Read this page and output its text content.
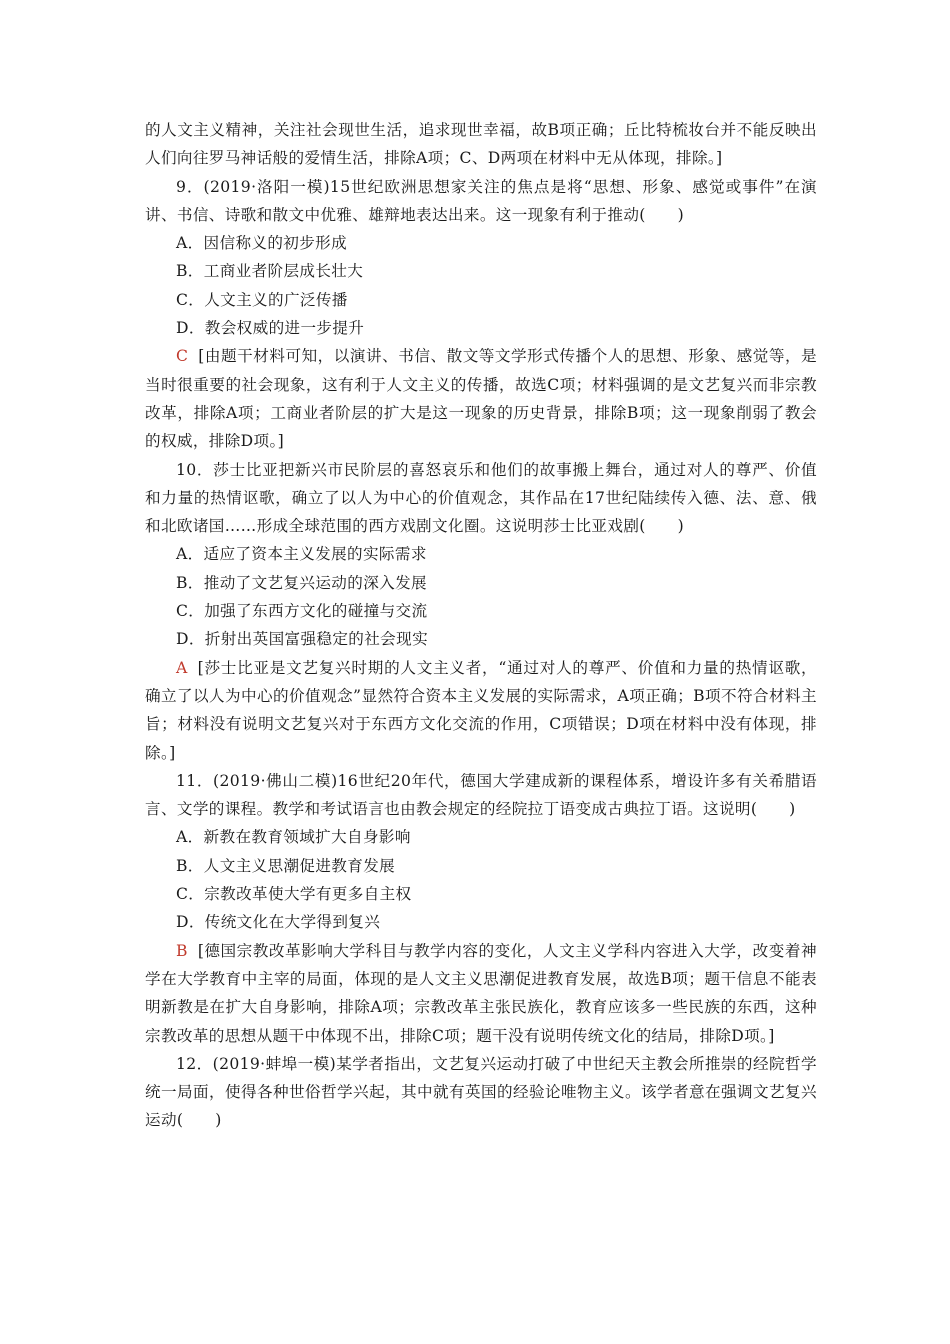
的人文主义精神，关注社会现世生活，追求现世幸福，故B项正确；丘比特梳妆台并不能反映出人们向往罗马神话般的爱情生活，排除A项；C、D两项在材料中无从体现，排除。]

9．(2019·洛阳一模)15世纪欧洲思想家关注的焦点是将“思想、形象、感觉或事件”在演讲、书信、诗歌和散文中优雅、雄辩地表达出来。这一现象有利于推动(　　)

A．因信称义的初步形成

B．工商业者阶层成长壮大

C．人文主义的广泛传播

D．教会权威的进一步提升

C [由题干材料可知，以演讲、书信、散文等文学形式传播个人的思想、形象、感觉等，是当时很重要的社会现象，这有利于人文主义的传播，故选C项；材料强调的是文艺复兴而非宗教改革，排除A项；工商业者阶层的扩大是这一现象的历史背景，排除B项；这一现象削弱了教会的权威，排除D项。]

10．莎士比亚把新兴市民阶层的喜怒哀乐和他们的故事搬上舞台，通过对人的尊严、价值和力量的热情讴歌，确立了以人为中心的价值观念，其作品在17世纪陆续传入德、法、意、俄和北欧诸国……形成全球范围的西方戏剧文化圈。这说明莎士比亚戏剧(　　)

A．适应了资本主义发展的实际需求

B．推动了文艺复兴运动的深入发展

C．加强了东西方文化的碰撞与交流

D．折射出英国富强稳定的社会现实

A [莎士比亚是文艺复兴时期的人文主义者，“通过对人的尊严、价值和力量的热情讴歌，确立了以人为中心的价值观念”显然符合资本主义发展的实际需求，A项正确；B项不符合材料主旨；材料没有说明文艺复兴对于东西方文化交流的作用，C项错误；D项在材料中没有体现，排除。]

11．(2019·佛山二模)16世纪20年代，德国大学建成新的课程体系，增设许多有关希腊语言、文学的课程。教学和考试语言也由教会规定的经院拉丁语变成古典拉丁语。这说明(　　)

A．新教在教育领域扩大自身影响

B．人文主义思潮促进教育发展

C．宗教改革使大学有更多自主权

D．传统文化在大学得到复兴

B [德国宗教改革影响大学科目与教学内容的变化，人文主义学科内容进入大学，改变着神学在大学教育中主宰的局面，体现的是人文主义思潮促进教育发展，故选B项；题干信息不能表明新教是在扩大自身影响，排除A项；宗教改革主张民族化，教育应该多一些民族的东西，这种宗教改革的思想从题干中体现不出，排除C项；题干没有说明传统文化的结局，排除D项。]

12．(2019·蚌埠一模)某学者指出，文艺复兴运动打破了中世纪天主教会所推崇的经院哲学统一局面，使得各种世俗哲学兴起，其中就有英国的经验论唯物主义。该学者意在强调文艺复兴运动(　　)
